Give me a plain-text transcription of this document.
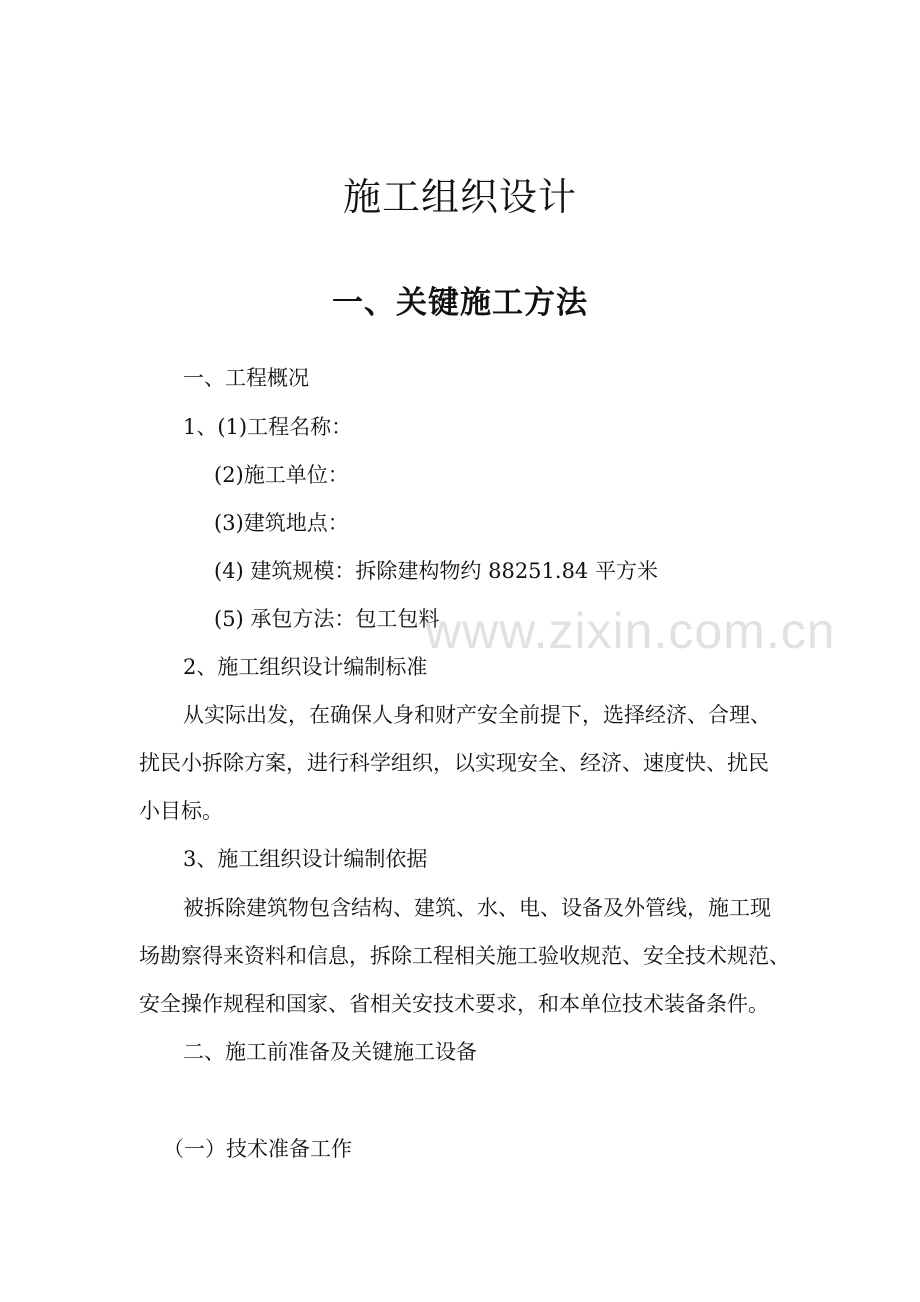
施工组织设计
一、关键施工方法
一、工程概况
1、(1)工程名称：
(2)施工单位：
(3)建筑地点：
(4) 建筑规模：拆除建构物约 88251.84 平方米
(5) 承包方法：包工包料
2、施工组织设计编制标准
从实际出发，在确保人身和财产安全前提下，选择经济、合理、
扰民小拆除方案，进行科学组织，以实现安全、经济、速度快、扰民
小目标。
3、施工组织设计编制依据
被拆除建筑物包含结构、建筑、水、电、设备及外管线，施工现
场勘察得来资料和信息，拆除工程相关施工验收规范、安全技术规范、
安全操作规程和国家、省相关安技术要求，和本单位技术装备条件。
二、施工前准备及关键施工设备
（一）技术准备工作
www.zixin.com.cn
